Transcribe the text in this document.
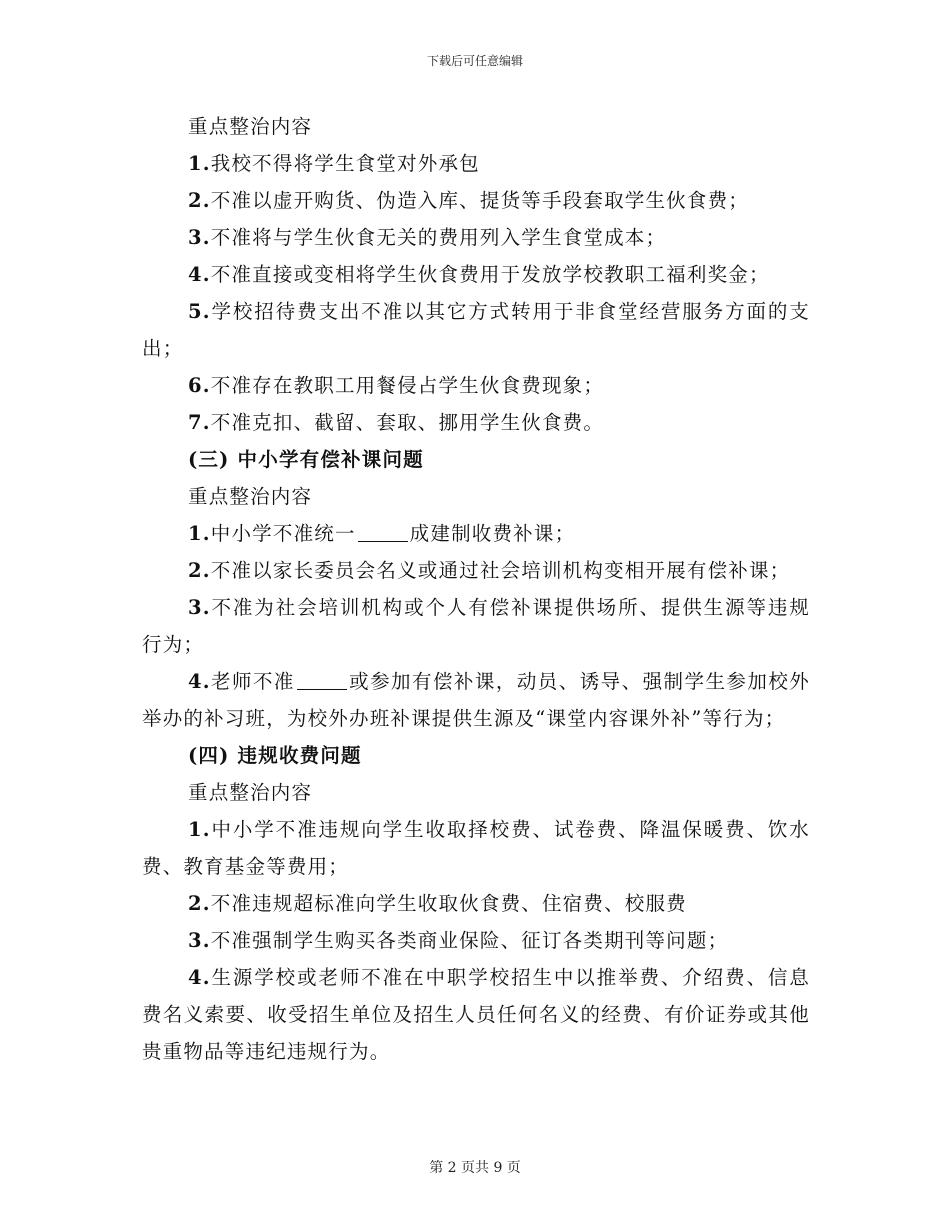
下载后可任意编辑
重点整治内容
1.我校不得将学生食堂对外承包
2.不准以虚开购货、伪造入库、提货等手段套取学生伙食费；
3.不准将与学生伙食无关的费用列入学生食堂成本；
4.不准直接或变相将学生伙食费用于发放学校教职工福利奖金；
5.学校招待费支出不准以其它方式转用于非食堂经营服务方面的支出；
6.不准存在教职工用餐侵占学生伙食费现象；
7.不准克扣、截留、套取、挪用学生伙食费。
(三) 中小学有偿补课问题
重点整治内容
1.中小学不准统一	成建制收费补课；
2.不准以家长委员会名义或通过社会培训机构变相开展有偿补课；
3.不准为社会培训机构或个人有偿补课提供场所、提供生源等违规行为；
4.老师不准	或参加有偿补课，动员、诱导、强制学生参加校外举办的补习班，为校外办班补课提供生源及“课堂内容课外补”等行为；
(四) 违规收费问题
重点整治内容
1.中小学不准违规向学生收取择校费、试卷费、降温保暖费、饮水费、教育基金等费用；
2.不准违规超标准向学生收取伙食费、住宿费、校服费
3.不准强制学生购买各类商业保险、征订各类期刊等问题；
4.生源学校或老师不准在中职学校招生中以推举费、介绍费、信息费名义索要、收受招生单位及招生人员任何名义的经费、有价证券或其他贵重物品等违纪违规行为。
第 2 页共 9 页
